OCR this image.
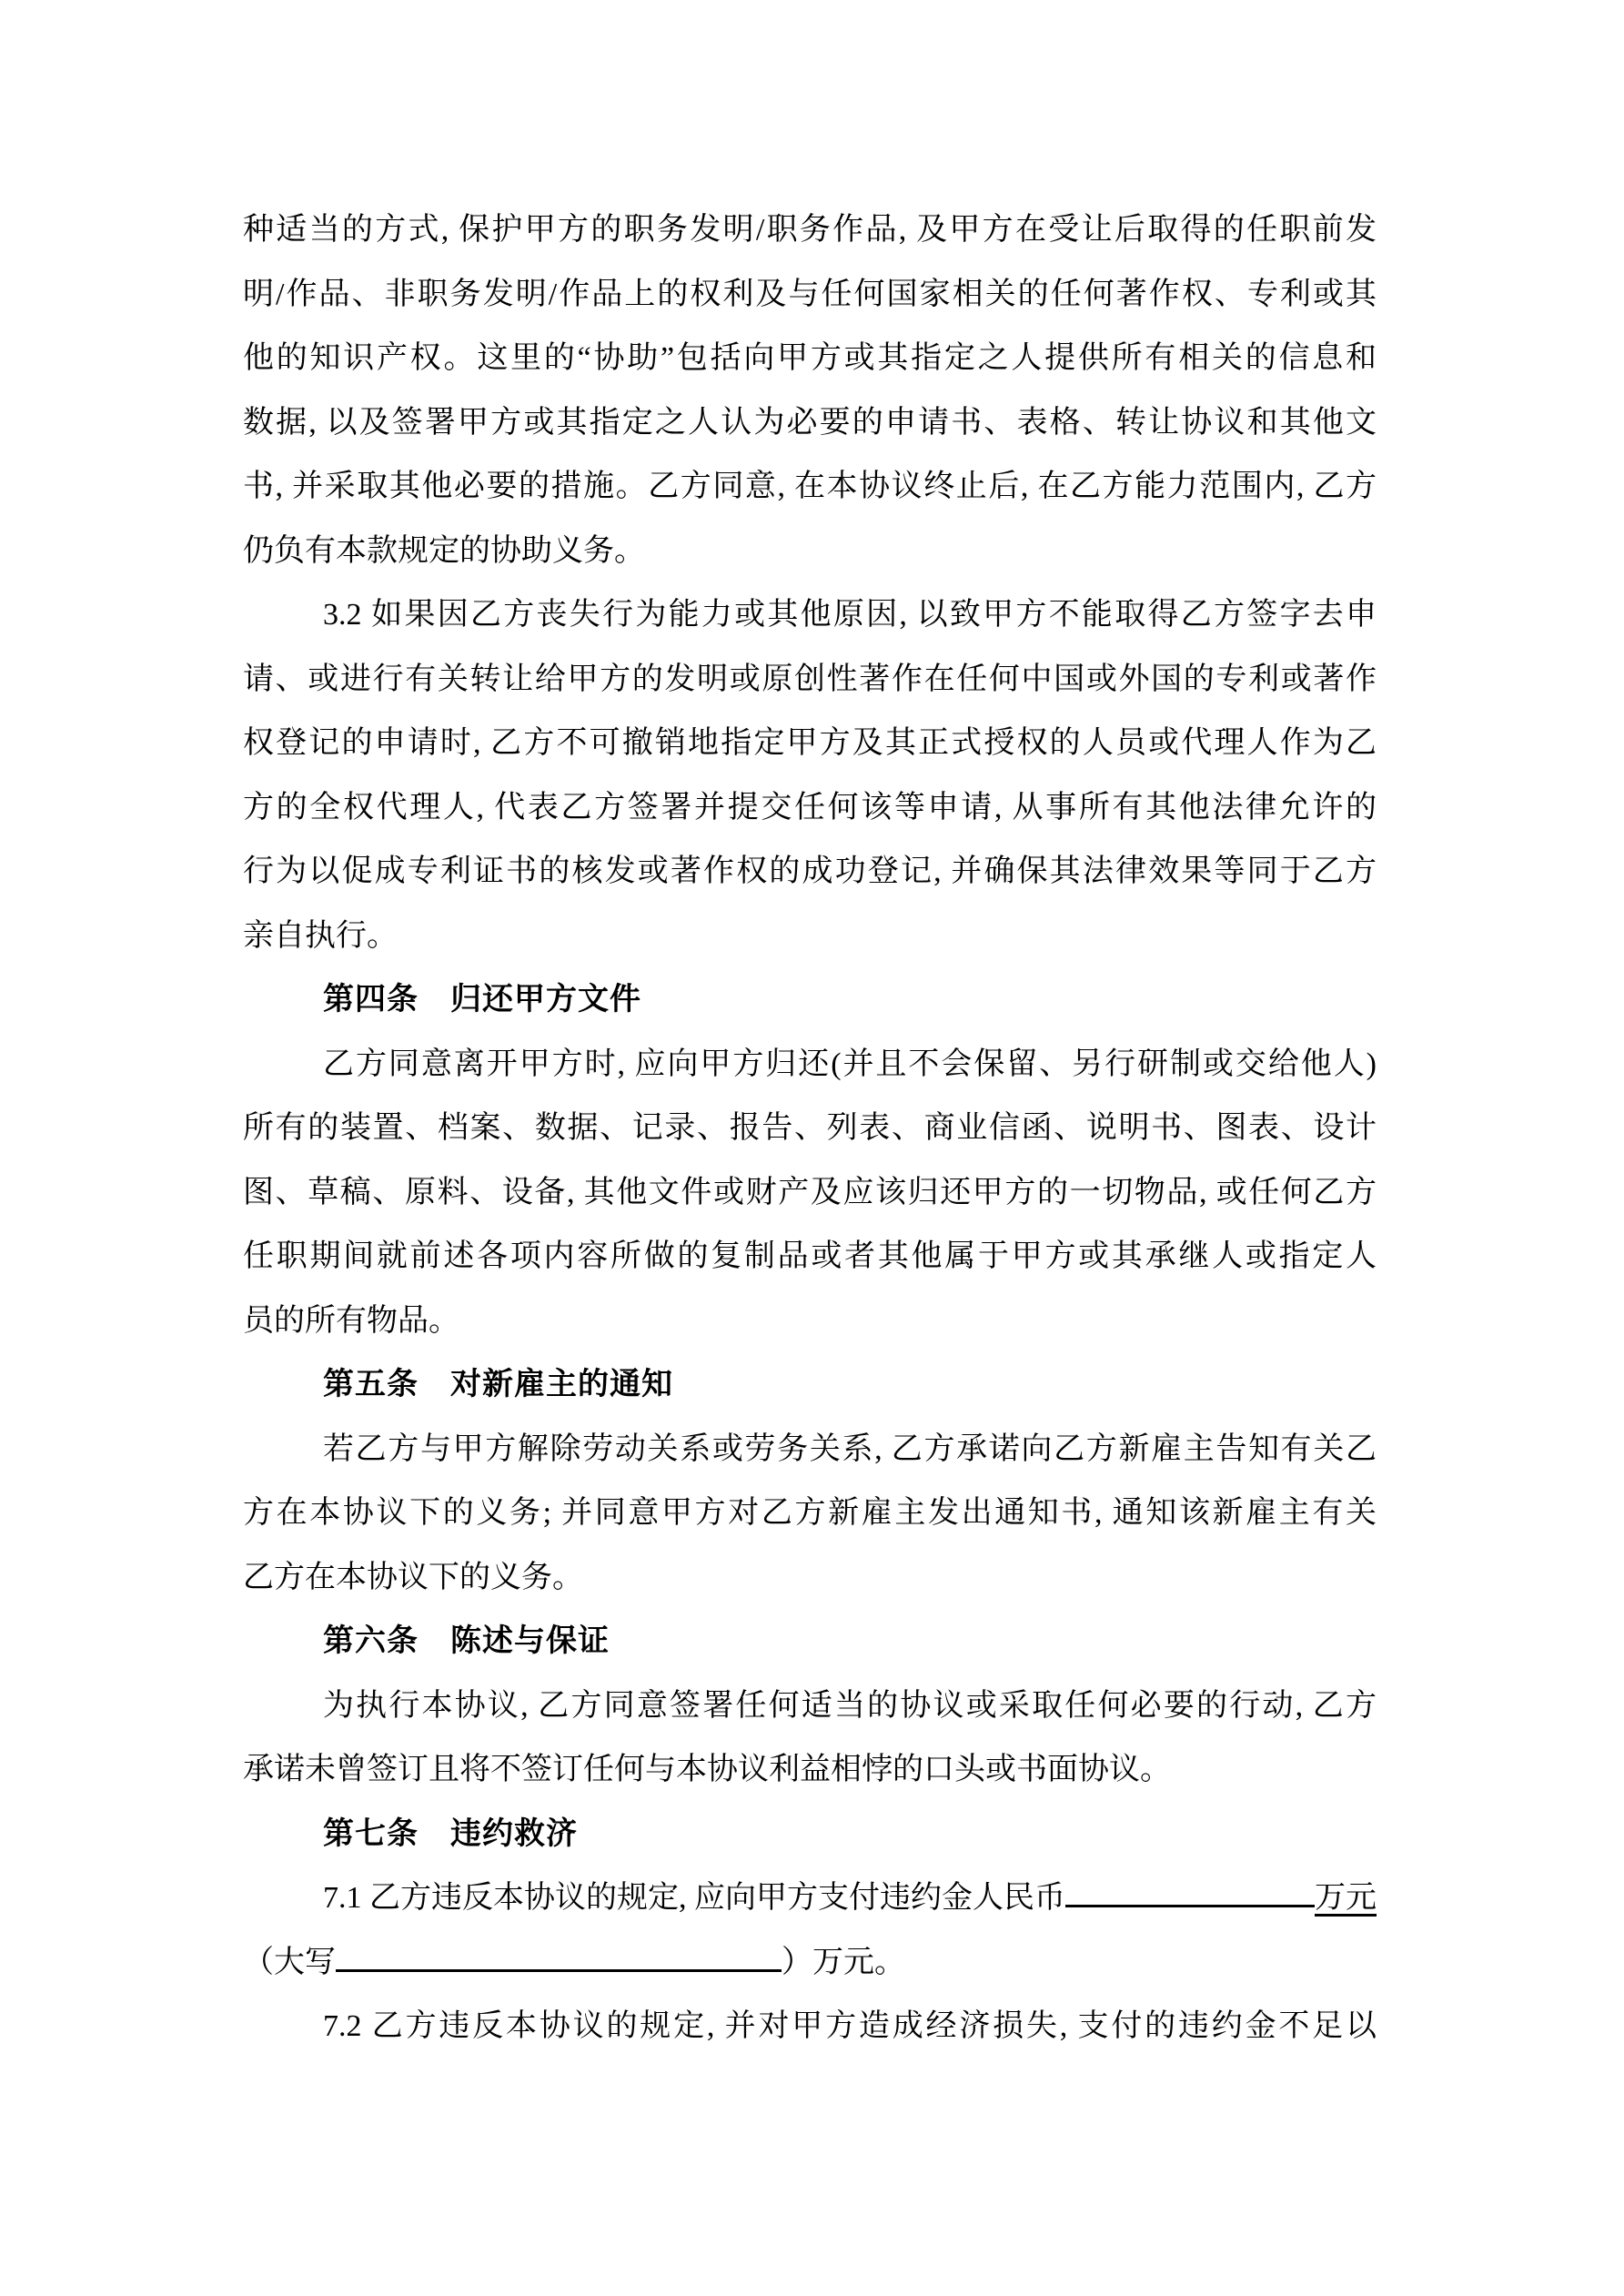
种适当的方式, 保护甲方的职务发明/职务作品, 及甲方在受让后取得的任职前发
明/作品、非职务发明/作品上的权利及与任何国家相关的任何著作权、专利或其
他的知识产权。这里的“协助”包括向甲方或其指定之人提供所有相关的信息和
数据, 以及签署甲方或其指定之人认为必要的申请书、表格、转让协议和其他文
书, 并采取其他必要的措施。乙方同意, 在本协议终止后, 在乙方能力范围内, 乙方
仍负有本款规定的协助义务。
3.2 如果因乙方丧失行为能力或其他原因, 以致甲方不能取得乙方签字去申
请、或进行有关转让给甲方的发明或原创性著作在任何中国或外国的专利或著作
权登记的申请时, 乙方不可撤销地指定甲方及其正式授权的人员或代理人作为乙
方的全权代理人, 代表乙方签署并提交任何该等申请, 从事所有其他法律允许的
行为以促成专利证书的核发或著作权的成功登记, 并确保其法律效果等同于乙方
亲自执行。
第四条　归还甲方文件
乙方同意离开甲方时, 应向甲方归还(并且不会保留、另行研制或交给他人)
所有的装置、档案、数据、记录、报告、列表、商业信函、说明书、图表、设计
图、草稿、原料、设备, 其他文件或财产及应该归还甲方的一切物品, 或任何乙方
任职期间就前述各项内容所做的复制品或者其他属于甲方或其承继人或指定人
员的所有物品。
第五条　对新雇主的通知
若乙方与甲方解除劳动关系或劳务关系, 乙方承诺向乙方新雇主告知有关乙
方在本协议下的义务; 并同意甲方对乙方新雇主发出通知书, 通知该新雇主有关
乙方在本协议下的义务。
第六条　陈述与保证
为执行本协议, 乙方同意签署任何适当的协议或采取任何必要的行动, 乙方
承诺未曾签订且将不签订任何与本协议利益相悖的口头或书面协议。
第七条　违约救济
7.1 乙方违反本协议的规定, 应向甲方支付违约金人民币	万元
（大写	）万元。
7.2 乙方违反本协议的规定, 并对甲方造成经济损失, 支付的违约金不足以
